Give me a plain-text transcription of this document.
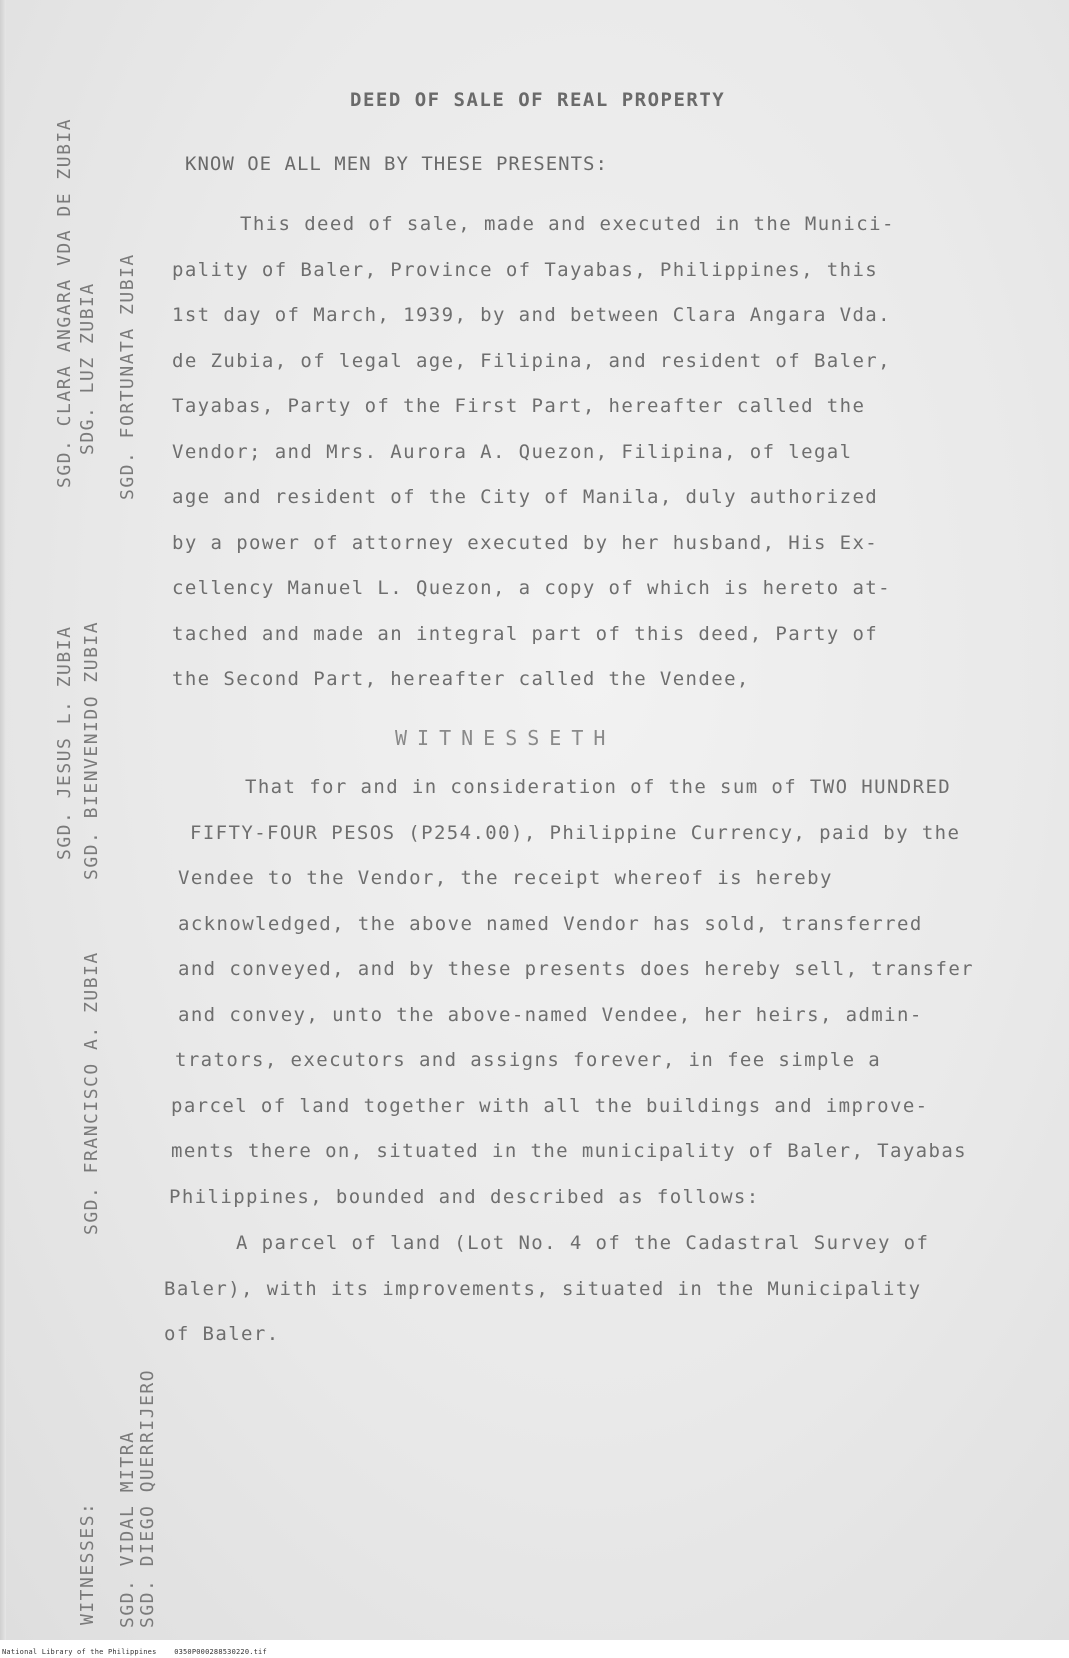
DEED OF SALE OF REAL PROPERTY
KNOW OE ALL MEN BY THESE PRESENTS:
This deed of sale, made and executed in the Munici-
pality of Baler, Province of Tayabas, Philippines, this
1st day of March, 1939, by and between Clara Angara Vda.
de Zubia, of legal age, Filipina, and resident of Baler,
Tayabas, Party of the First Part, hereafter called the
Vendor; and Mrs. Aurora A. Quezon, Filipina, of legal
age and resident of the City of Manila, duly authorized
by a power of attorney executed by her husband, His Ex-
cellency Manuel L. Quezon, a copy of which is hereto at-
tached and made an integral part of this deed, Party of
the Second Part, hereafter called the Vendee,
WITNESSETH
That for and in consideration of the sum of TWO HUNDRED
FIFTY-FOUR PESOS (P254.00), Philippine Currency, paid by the
Vendee to the Vendor, the receipt whereof is hereby
acknowledged, the above named Vendor has sold, transferred
and conveyed, and by these presents does hereby sell, transfer
and convey, unto the above-named Vendee, her heirs, admin-
trators, executors and assigns forever, in fee simple a
parcel of land together with all the buildings and improve-
ments there on, situated in the municipality of Baler, Tayabas
Philippines, bounded and described as follows:
A parcel of land (Lot No. 4 of the Cadastral Survey of
Baler), with its improvements, situated in the Municipality
of Baler.
SGD. CLARA ANGARA VDA DE ZUBIA SDG. LUZ ZUBIA
SGD. JESUS L. ZUBIA
SGD. FORTUNATA ZUBIA
SGD. BIENVENIDO ZUBIA
SGD. FRANCISCO A. ZUBIA
WITNESSES: SGD. VIDAL MITRA SGD. DIEGO QUERRIJERO
National Library of the Philippines	0350P000288530220.tif
